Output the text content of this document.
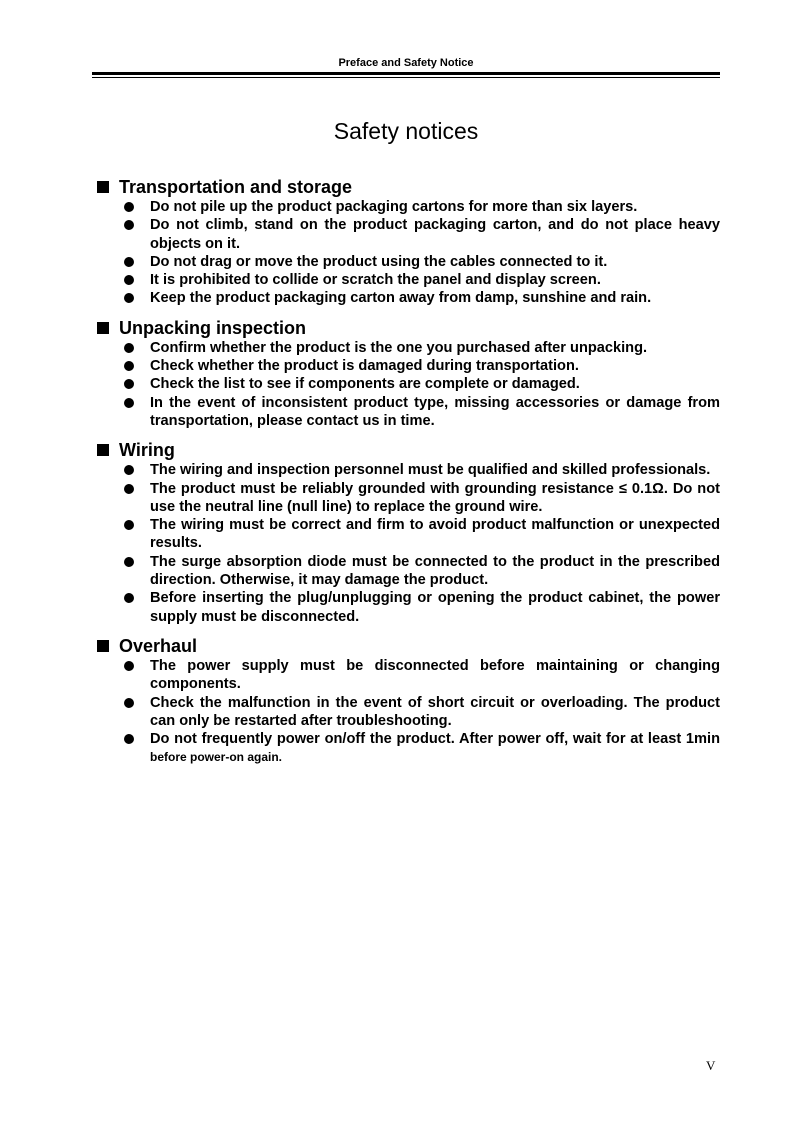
Preface and Safety Notice
Safety notices
Transportation and storage
Do not pile up the product packaging cartons for more than six layers.
Do not climb, stand on the product packaging carton, and do not place heavy objects on it.
Do not drag or move the product using the cables connected to it.
It is prohibited to collide or scratch the panel and display screen.
Keep the product packaging carton away from damp, sunshine and rain.
Unpacking inspection
Confirm whether the product is the one you purchased after unpacking.
Check whether the product is damaged during transportation.
Check the list to see if components are complete or damaged.
In the event of inconsistent product type, missing accessories or damage from transportation, please contact us in time.
Wiring
The wiring and inspection personnel must be qualified and skilled professionals.
The product must be reliably grounded with grounding resistance ≤ 0.1Ω. Do not use the neutral line (null line) to replace the ground wire.
The wiring must be correct and firm to avoid product malfunction or unexpected results.
The surge absorption diode must be connected to the product in the prescribed direction. Otherwise, it may damage the product.
Before inserting the plug/unplugging or opening the product cabinet, the power supply must be disconnected.
Overhaul
The power supply must be disconnected before maintaining or changing components.
Check the malfunction in the event of short circuit or overloading. The product can only be restarted after troubleshooting.
Do not frequently power on/off the product. After power off, wait for at least 1min before power-on again.
V
